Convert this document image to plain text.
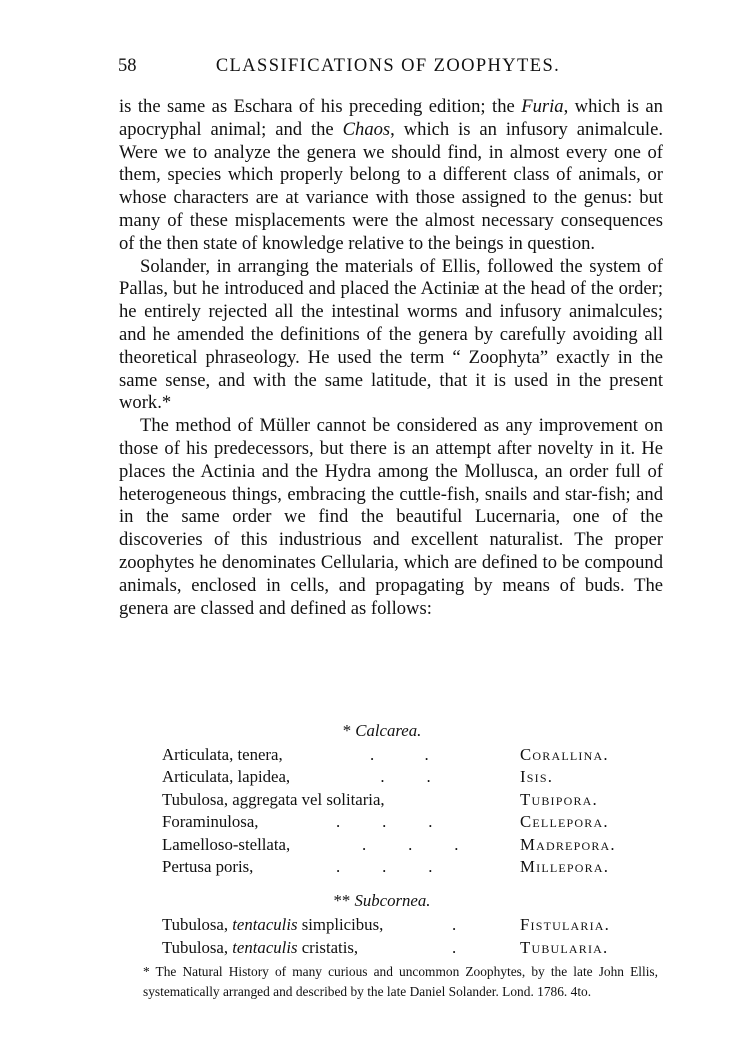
58	CLASSIFICATIONS OF ZOOPHYTES.

is the same as Eschara of his preceding edition; the Furia, which is an apocryphal animal; and the Chaos, which is an infusory animalcule. Were we to analyze the genera we should find, in almost every one of them, species which properly belong to a different class of animals, or whose characters are at variance with those assigned to the genus: but many of these misplacements were the almost necessary consequences of the then state of knowledge relative to the beings in question.

Solander, in arranging the materials of Ellis, followed the system of Pallas, but he introduced and placed the Actiniæ at the head of the order; he entirely rejected all the intestinal worms and infusory animalcules; and he amended the definitions of the genera by carefully avoiding all theoretical phraseology. He used the term “ Zoophyta” exactly in the same sense, and with the same latitude, that it is used in the present work.*

The method of Müller cannot be considered as any improvement on those of his predecessors, but there is an attempt after novelty in it. He places the Actinia and the Hydra among the Mollusca, an order full of heterogeneous things, embracing the cuttle-fish, snails and star-fish; and in the same order we find the beautiful Lucernaria, one of the discoveries of this industrious and excellent naturalist. The proper zoophytes he denominates Cellularia, which are defined to be compound animals, enclosed in cells, and propagating by means of buds. The genera are classed and defined as follows:

* Calcarea.
Articulata, tenera,	.            .	Corallina.
Articulata, lapidea,	.          .	Isis.
Tubulosa, aggregata vel solitaria,	Tubipora.
Foraminulosa,	.          .          .	Cellepora.
Lamelloso-stellata,	.          .          .	Madrepora.
Pertusa poris,	.          .          .	Millepora.
** Subcornea.
Tubulosa, tentaculis simplicibus,	.	Fistularia.
Tubulosa, tentaculis cristatis,	.	Tubularia.

* The Natural History of many curious and uncommon Zoophytes, by the late John Ellis, systematically arranged and described by the late Daniel Solander. Lond. 1786. 4to.
